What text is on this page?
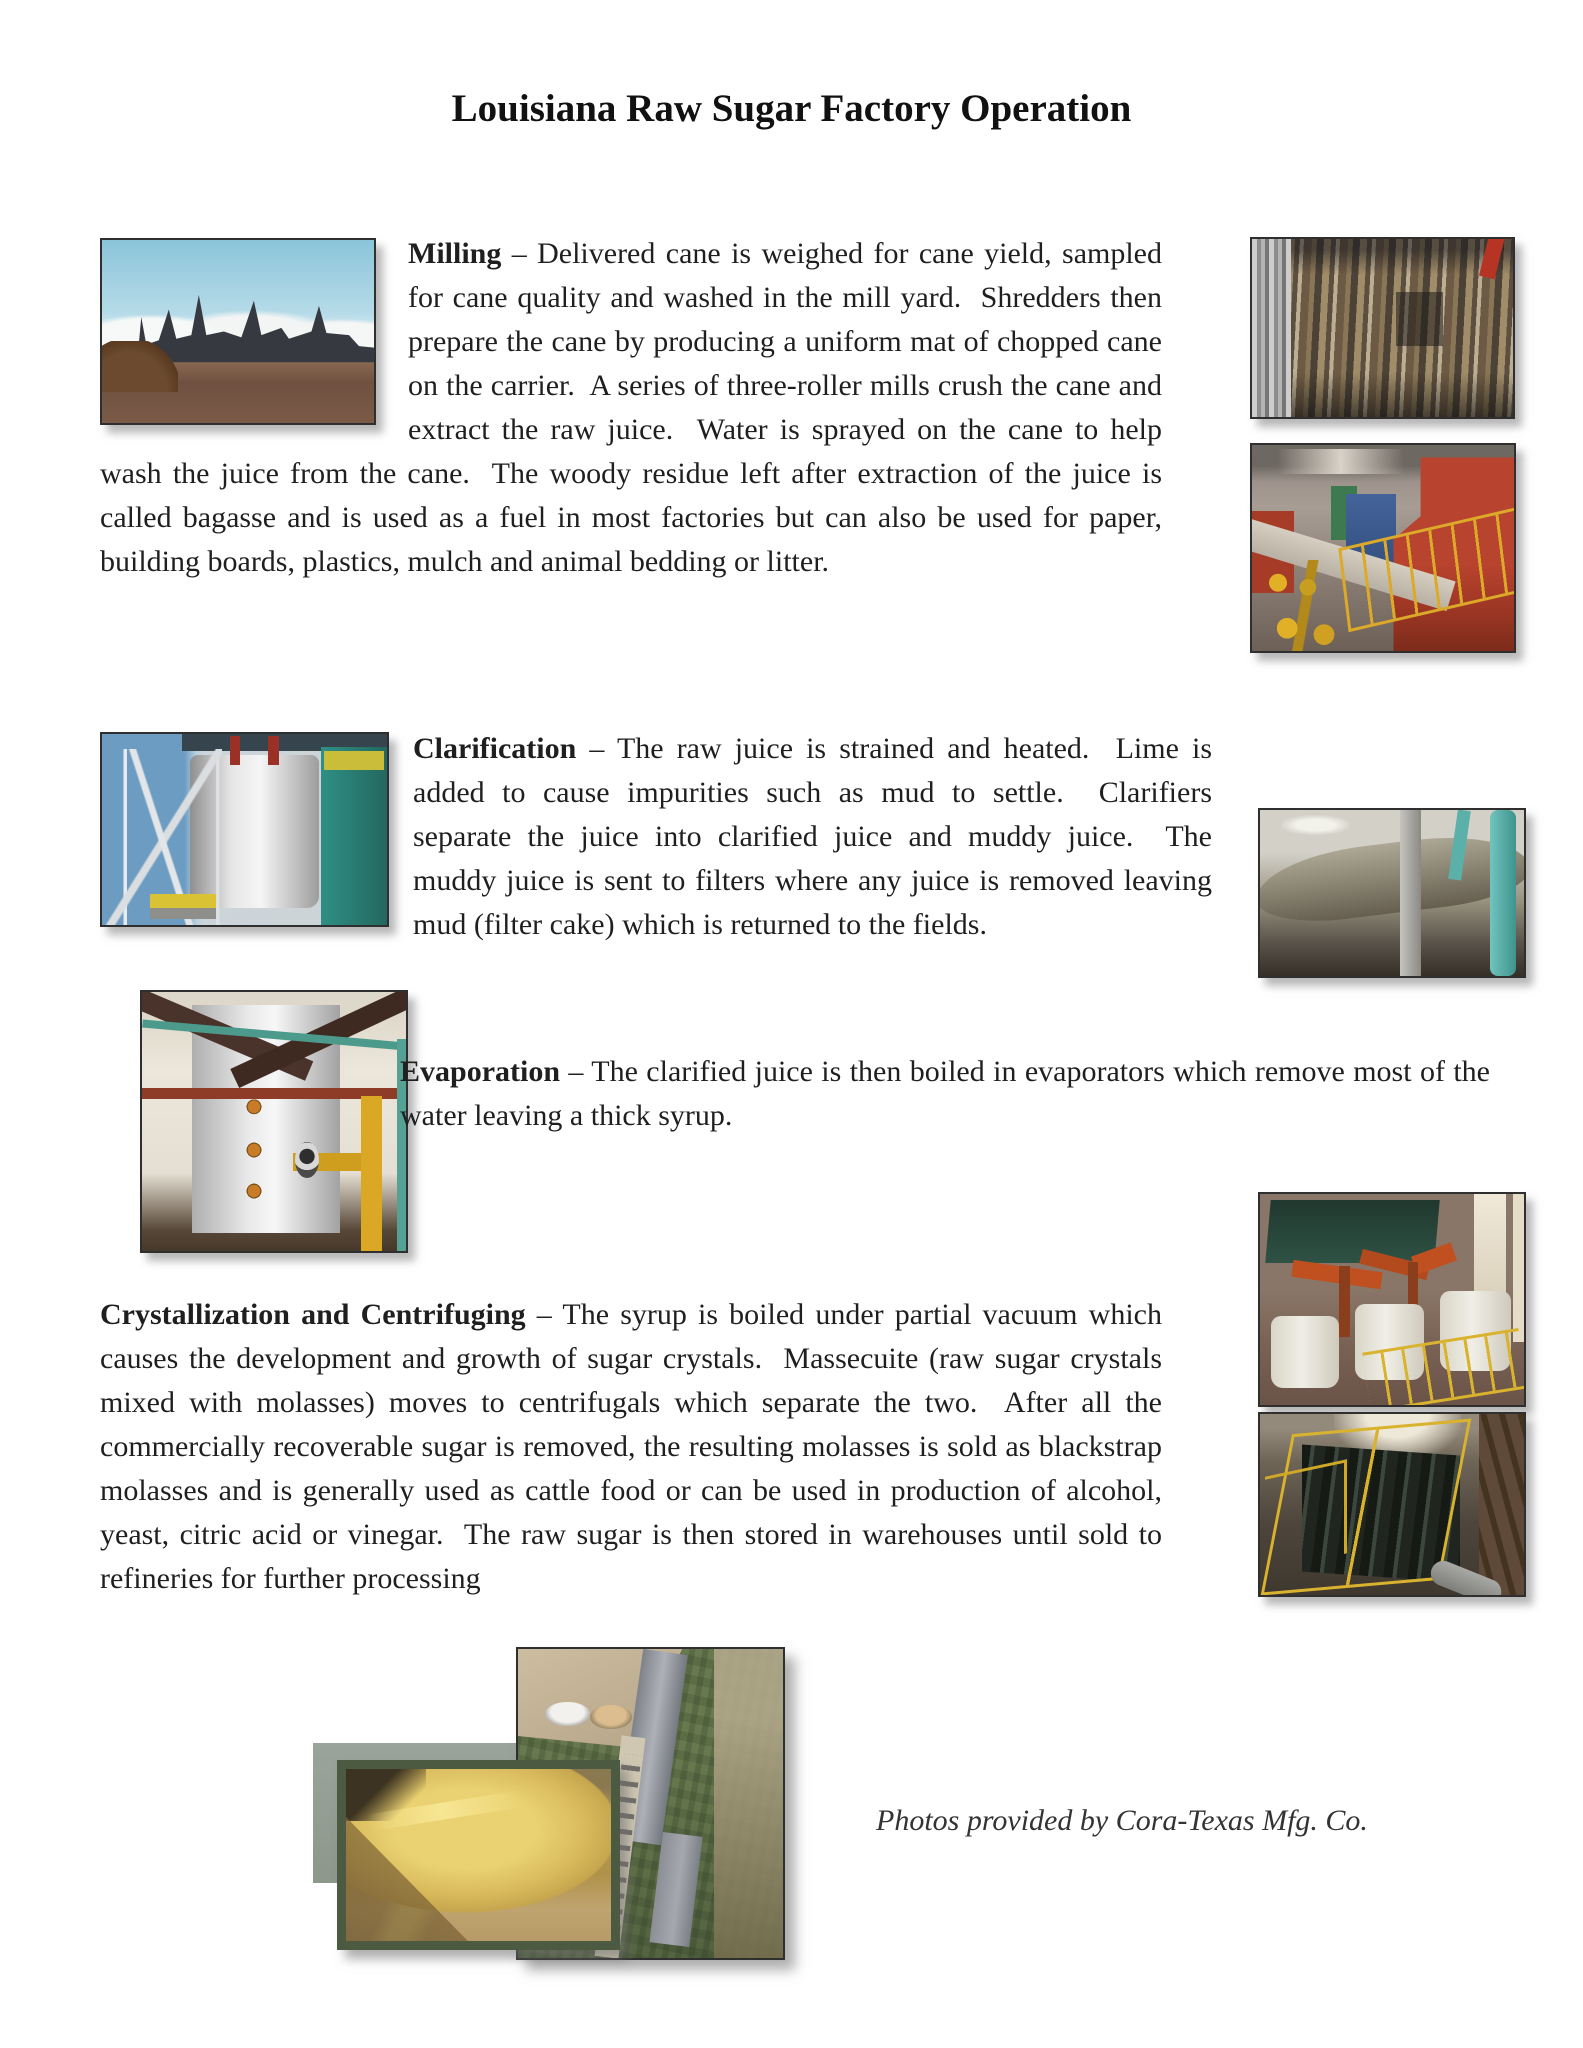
Louisiana Raw Sugar Factory Operation
Milling – Delivered cane is weighed for cane yield, sampled for cane quality and washed in the mill yard.  Shredders then prepare the cane by producing a uniform mat of chopped cane on the carrier.  A series of three-roller mills crush the cane and extract the raw juice.  Water is sprayed on the cane to help wash the juice from the cane.  The woody residue left after extraction of the juice is called bagasse and is used as a fuel in most factories but can also be used for paper, building boards, plastics, mulch and animal bedding or litter.
Clarification – The raw juice is strained and heated.  Lime is added to cause impurities such as mud to settle.  Clarifiers separate the juice into clarified juice and muddy juice.  The muddy juice is sent to filters where any juice is removed leaving mud (filter cake) which is returned to the fields.
Evaporation – The clarified juice is then boiled in evaporators which remove most of the water leaving a thick syrup.
Crystallization and Centrifuging – The syrup is boiled under partial vacuum which causes the development and growth of sugar crystals.  Massecuite (raw sugar crystals mixed with molasses) moves to centrifugals which separate the two.  After all the commercially recoverable sugar is removed, the resulting molasses is sold as blackstrap molasses and is generally used as cattle food or can be used in production of alcohol, yeast, citric acid or vinegar.  The raw sugar is then stored in warehouses until sold to refineries for further processing
Photos provided by Cora-Texas Mfg. Co.
